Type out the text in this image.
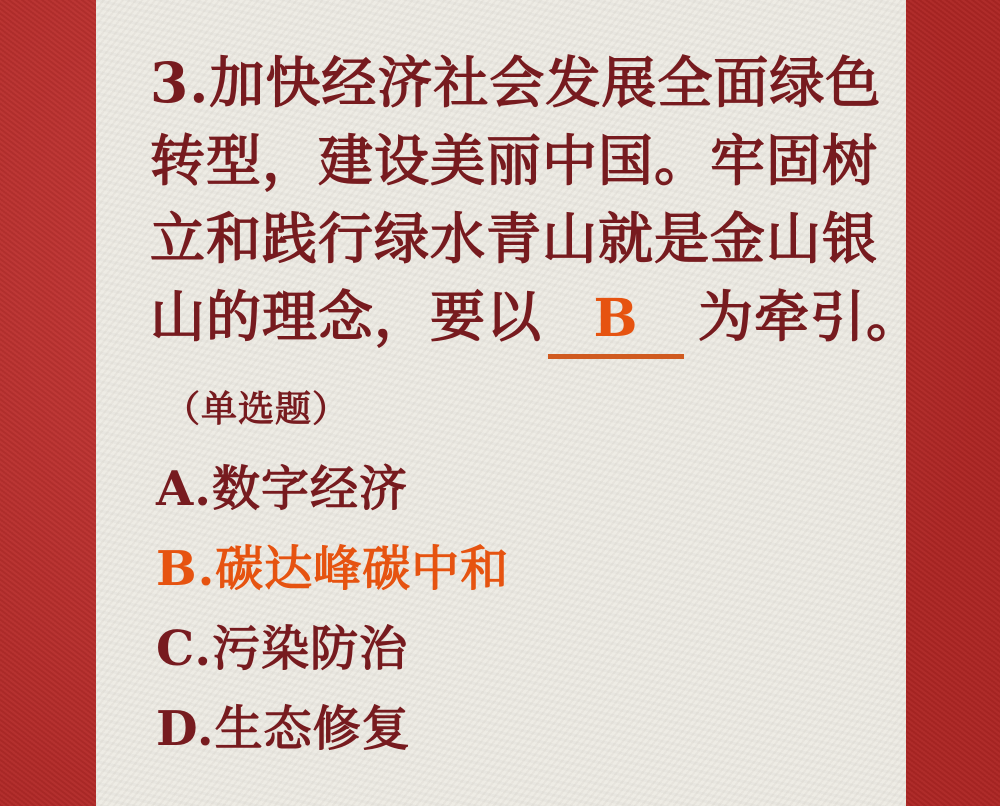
3.加快经济社会发展全面绿色
转型，建设美丽中国。牢固树
立和践行绿水青山就是金山银
山的理念，要以 B 为牵引。
（单选题）
A.数字经济
B.碳达峰碳中和
C.污染防治
D.生态修复
